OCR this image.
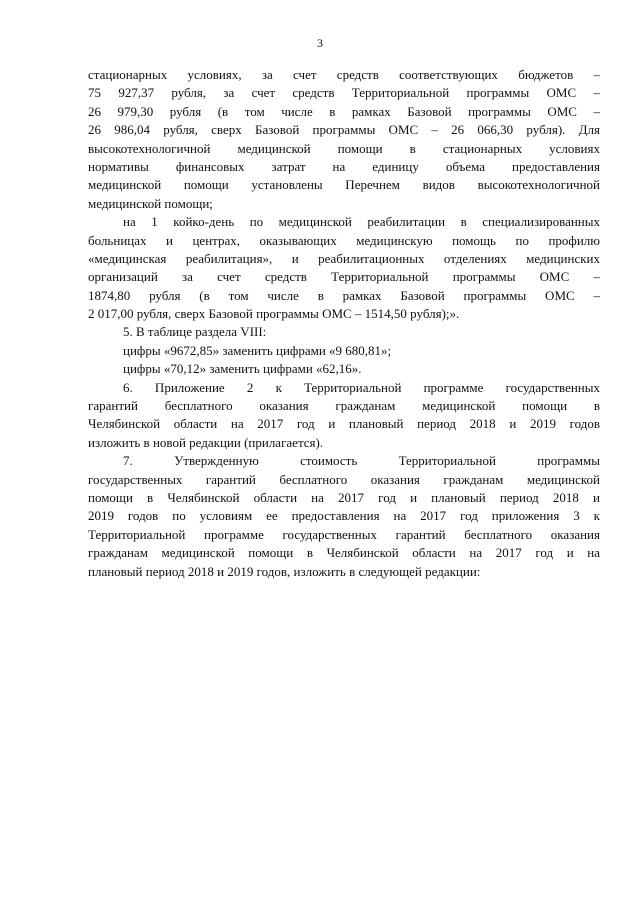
3
стационарных условиях, за счет средств соответствующих бюджетов –
75 927,37 рубля, за счет средств Территориальной программы ОМС –
26 979,30 рубля (в том числе в рамках Базовой программы ОМС –
26 986,04 рубля, сверх Базовой программы ОМС – 26 066,30 рубля). Для
высокотехнологичной медицинской помощи в стационарных условиях
нормативы финансовых затрат на единицу объема предоставления
медицинской помощи установлены Перечнем видов высокотехнологичной
медицинской помощи;
на 1 койко-день по медицинской реабилитации в специализированных
больницах и центрах, оказывающих медицинскую помощь по профилю
«медицинская реабилитация», и реабилитационных отделениях медицинских
организаций за счет средств Территориальной программы ОМС –
1874,80 рубля (в том числе в рамках Базовой программы ОМС –
2 017,00 рубля, сверх Базовой программы ОМС – 1514,50 рубля);».
5. В таблице раздела VIII:
цифры «9672,85» заменить цифрами «9 680,81»;
цифры «70,12» заменить цифрами «62,16».
6. Приложение 2 к Территориальной программе государственных
гарантий бесплатного оказания гражданам медицинской помощи в
Челябинской области на 2017 год и плановый период 2018 и 2019 годов
изложить в новой редакции (прилагается).
7. Утвержденную стоимость Территориальной программы
государственных гарантий бесплатного оказания гражданам медицинской
помощи в Челябинской области на 2017 год и плановый период 2018 и
2019 годов по условиям ее предоставления на 2017 год приложения 3 к
Территориальной программе государственных гарантий бесплатного оказания
гражданам медицинской помощи в Челябинской области на 2017 год и на
плановый период 2018 и 2019 годов, изложить в следующей редакции:
